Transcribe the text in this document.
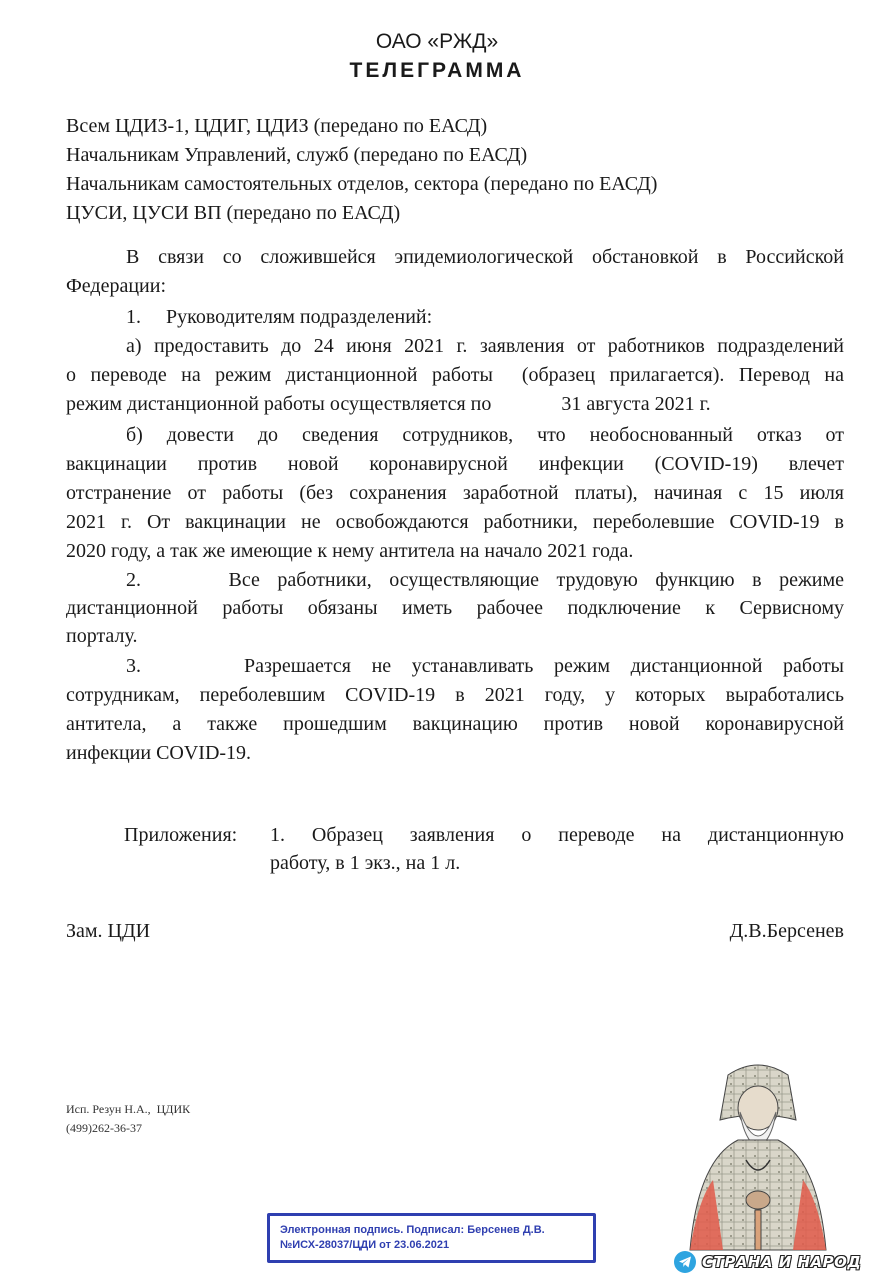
ОАО «РЖД»
ТЕЛЕГРАММА
Всем ЦДИЗ-1, ЦДИГ, ЦДИЗ (передано по ЕАСД)
Начальникам Управлений, служб (передано по ЕАСД)
Начальникам самостоятельных отделов, сектора (передано по ЕАСД)
ЦУСИ, ЦУСИ ВП (передано по ЕАСД)
В связи со сложившейся эпидемиологической обстановкой в Российской
Федерации:
1.     Руководителям подразделений:
а) предоставить до 24 июня 2021 г. заявления от работников подразделений
о переводе на режим дистанционной работы  (образец прилагается). Перевод на
режим дистанционной работы осуществляется по              31 августа 2021 г.
б) довести до сведения сотрудников, что необоснованный отказ от
вакцинации против новой коронавирусной инфекции (COVID-19) влечет
отстранение от работы (без сохранения заработной платы), начиная с 15 июля
2021 г. От вакцинации не освобождаются работники, переболевшие COVID-19 в
2020 году, а так же имеющие к нему антитела на начало 2021 года.
2.     Все работники, осуществляющие трудовую функцию в режиме
дистанционной работы обязаны иметь рабочее подключение к Сервисному
порталу.
3.     Разрешается не устанавливать режим дистанционной работы
сотрудникам, переболевшим COVID-19 в 2021 году, у которых выработались
антитела, а также прошедшим вакцинацию против новой коронавирусной
инфекции COVID-19.
Приложения: 1. Образец заявления о переводе на дистанционную
работу, в 1 экз., на 1 л.
Зам. ЦДИ	Д.В.Берсенев
Исп. Резун Н.А.,  ЦДИК
(499)262-36-37
Электронная подпись. Подписал: Берсенев Д.В.
№ИСХ-28037/ЦДИ от 23.06.2021
СТРАНА И НАРОД
